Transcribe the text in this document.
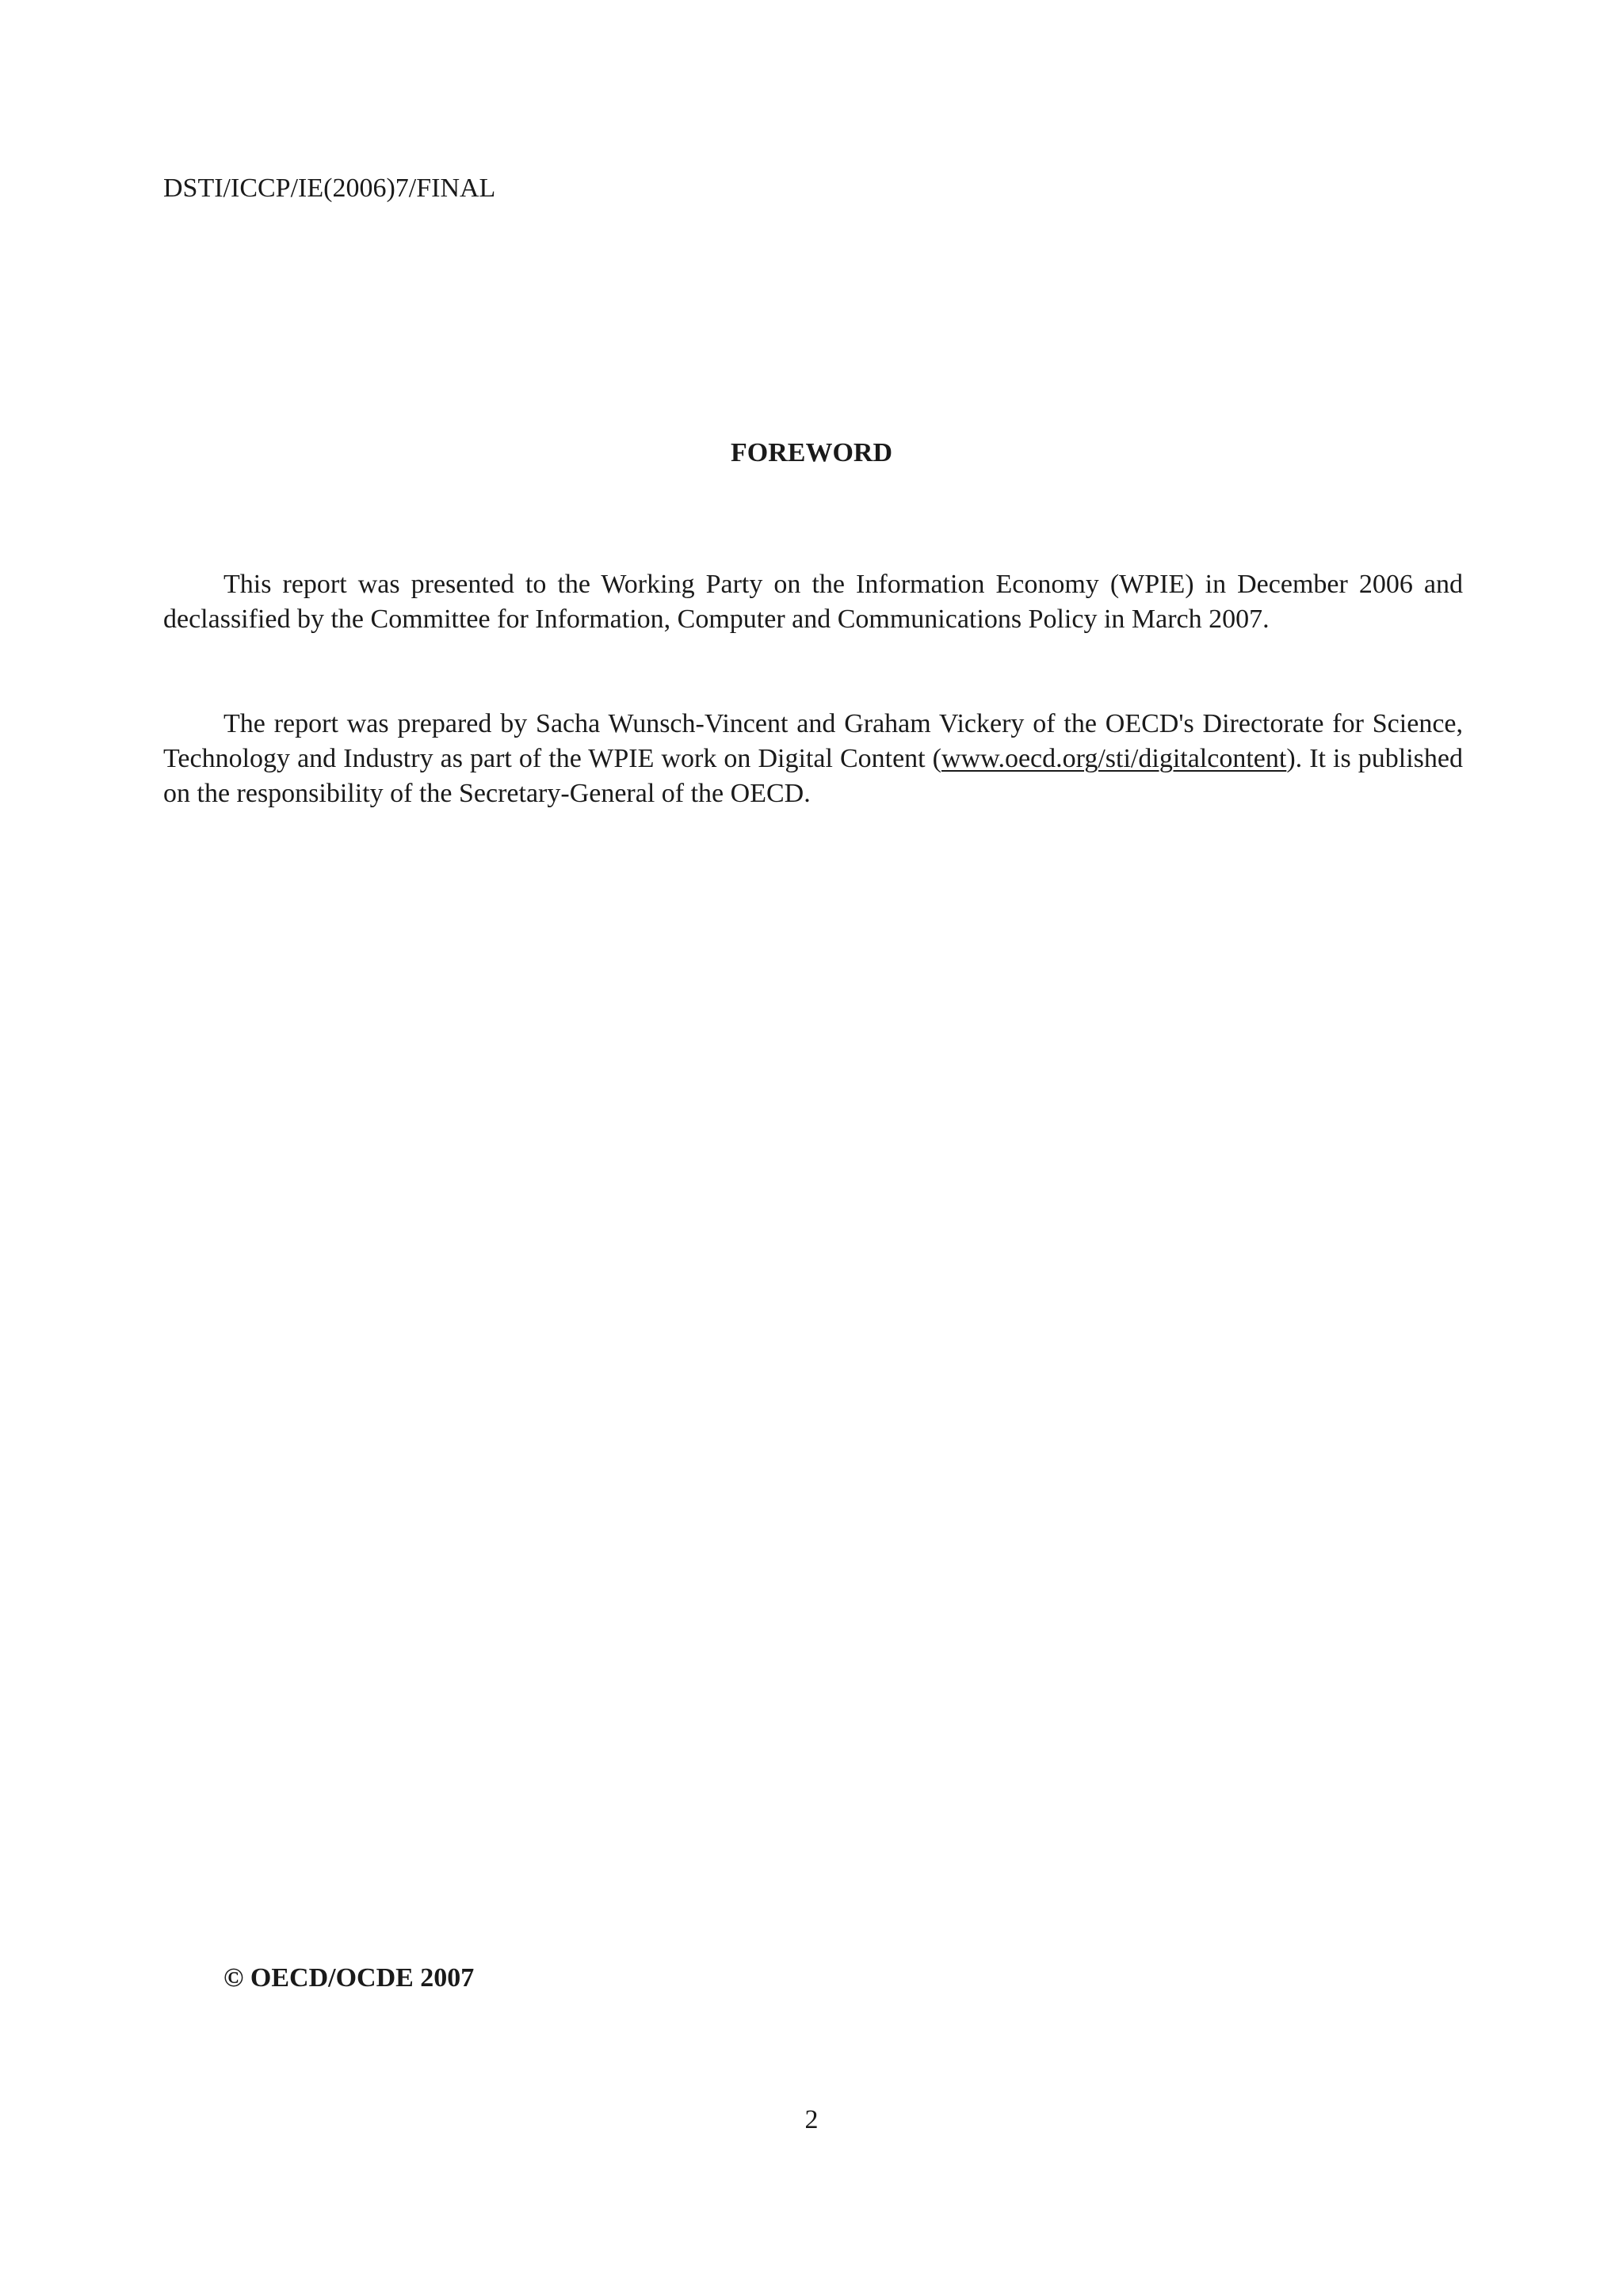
DSTI/ICCP/IE(2006)7/FINAL
FOREWORD

This report was presented to the Working Party on the Information Economy (WPIE) in December 2006 and declassified by the Committee for Information, Computer and Communications Policy in March 2007.

The report was prepared by Sacha Wunsch-Vincent and Graham Vickery of the OECD's Directorate for Science, Technology and Industry as part of the WPIE work on Digital Content (www.oecd.org/sti/digitalcontent). It is published on the responsibility of the Secretary-General of the OECD.

© OECD/OCDE 2007
2
